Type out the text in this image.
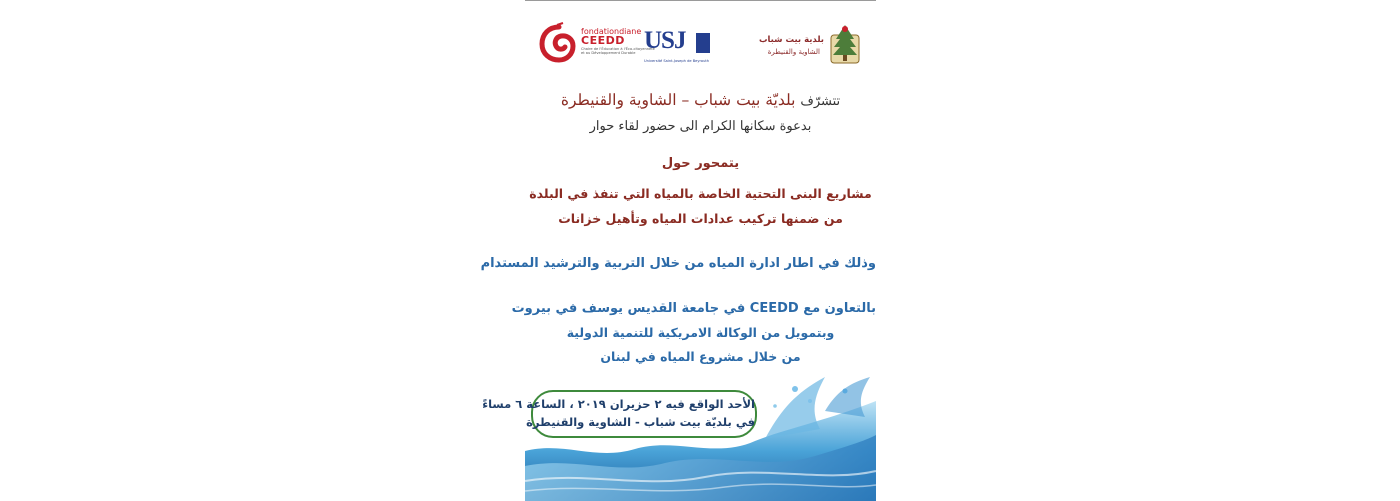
fondationdiane
CEEDD
Chaire de l'Éducation à l'Éco-citoyenneté et au Développement Durable USJ
Université Saint-Joseph de Beyrouth
بلدية بيت شباب
الشاوية والقنيطرة
تتشرّف بلديّة بيت شباب – الشاوية والقنيطرة
بدعوة سكانها الكرام الى حضور لقاء حوار
يتمحور حول
مشاريع البنى التحتية الخاصة بالمياه التي تنفذ في البلدة
من ضمنها تركيب عدادات المياه وتأهيل خزانات
وذلك في اطار ادارة المياه من خلال التربية والترشيد المستدام
بالتعاون مع CEEDD في جامعة القديس يوسف في بيروت
وبتمويل من الوكالة الامريكية للتنمية الدولية
من خلال مشروع المياه في لبنان
الأحد الواقع فيه ٢ حزيران ٢٠١٩ ، الساعة ٦ مساءً
في بلديّة بيت شباب - الشاوية والقنيطرة
